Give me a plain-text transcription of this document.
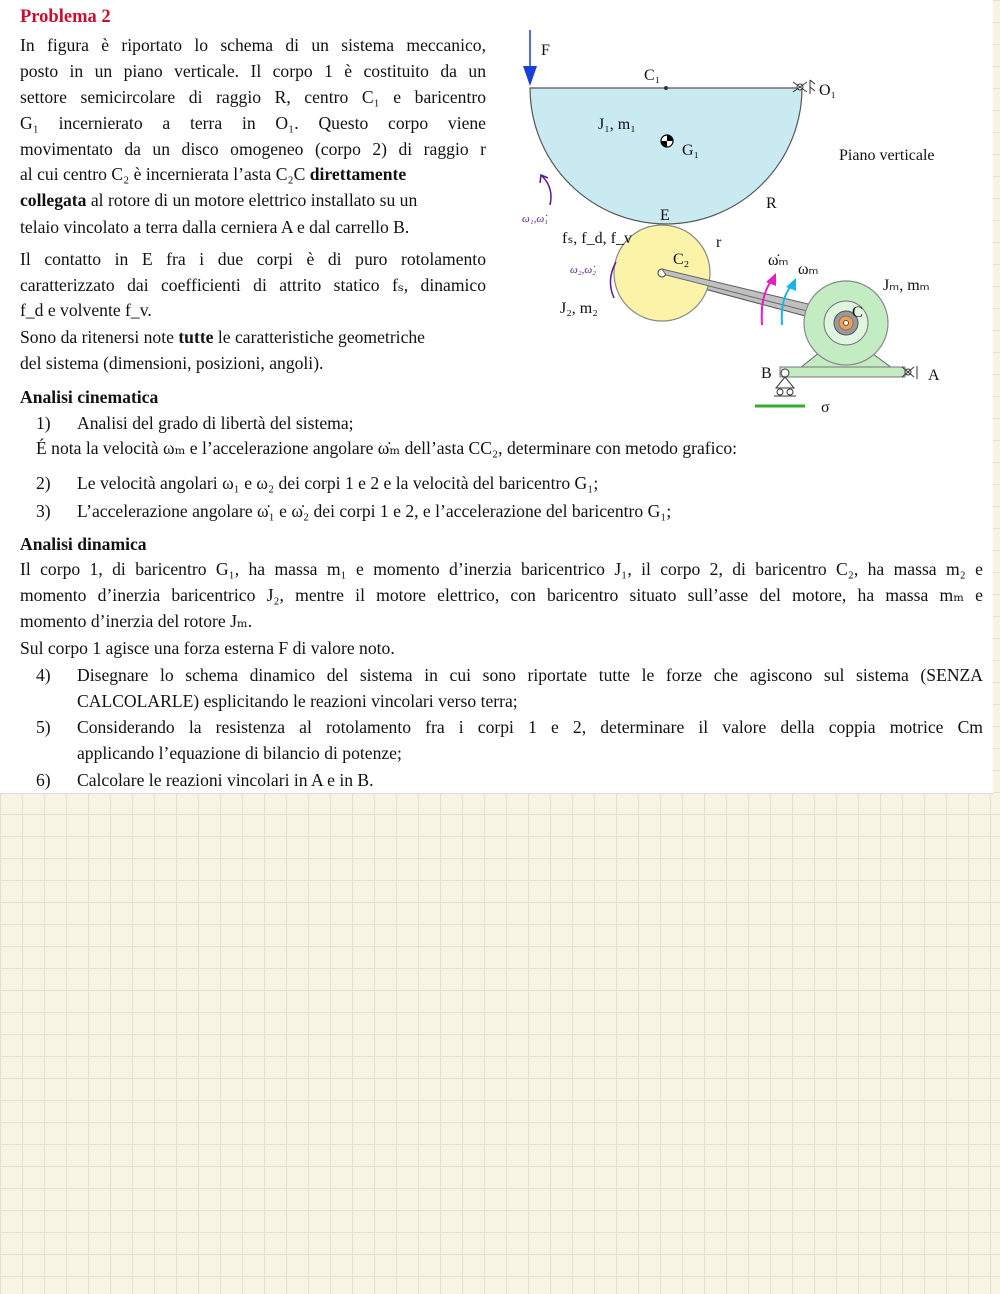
Problema 2
In figura è riportato lo schema di un sistema meccanico,
posto in un piano verticale. Il corpo 1 è costituito da un
settore semicircolare di raggio R, centro C₁ e baricentro
G₁ incernierato a terra in O₁. Questo corpo viene
movimentato da un disco omogeneo (corpo 2) di raggio r
al cui centro C₂ è incernierata l’asta C₂C direttamente
collegata al rotore di un motore elettrico installato su un
telaio vincolato a terra dalla cerniera A e dal carrello B.
Il contatto in E fra i due corpi è di puro rotolamento
caratterizzato dai coefficienti di attrito statico fₛ, dinamico
f_d e volvente f_v.
Sono da ritenersi note tutte le caratteristiche geometriche
del sistema (dimensioni, posizioni, angoli).
Analisi cinematica
1) Analisi del grado di libertà del sistema;
É nota la velocità ωₘ e l’accelerazione angolare ω̇ₘ dell’asta CC₂, determinare con metodo grafico:
2) Le velocità angolari ω₁ e ω₂ dei corpi 1 e 2 e la velocità del baricentro G₁;
3) L’accelerazione angolare ω̇₁ e ω̇₂ dei corpi 1 e 2, e l’accelerazione del baricentro G₁;
Analisi dinamica
Il corpo 1, di baricentro G₁, ha massa m₁ e momento d’inerzia baricentrico J₁, il corpo 2, di baricentro C₂, ha massa m₂ e
momento d’inerzia baricentrico J₂, mentre il motore elettrico, con baricentro situato sull’asse del motore, ha massa mₘ e
momento d’inerzia del rotore Jₘ.
Sul corpo 1 agisce una forza esterna F di valore noto.
4) Disegnare lo schema dinamico del sistema in cui sono riportate tutte le forze che agiscono sul sistema (SENZA
CALCOLARLE) esplicitando le reazioni vincolari verso terra;
5) Considerando la resistenza al rotolamento fra i corpi 1 e 2, determinare il valore della coppia motrice Cm
applicando l’equazione di bilancio di potenze;
6) Calcolare le reazioni vincolari in A e in B.
ω₁,ω̇₁
ω₂,ω̇₂
F
C₁
O₁
J₁, m₁
G₁	Piano verticale
E
R
fₛ, f_d, f_v	r
C₂	ω̇ₘ
ωₘ
Jₘ, mₘ
J₂, m₂	C
B	A
σ
